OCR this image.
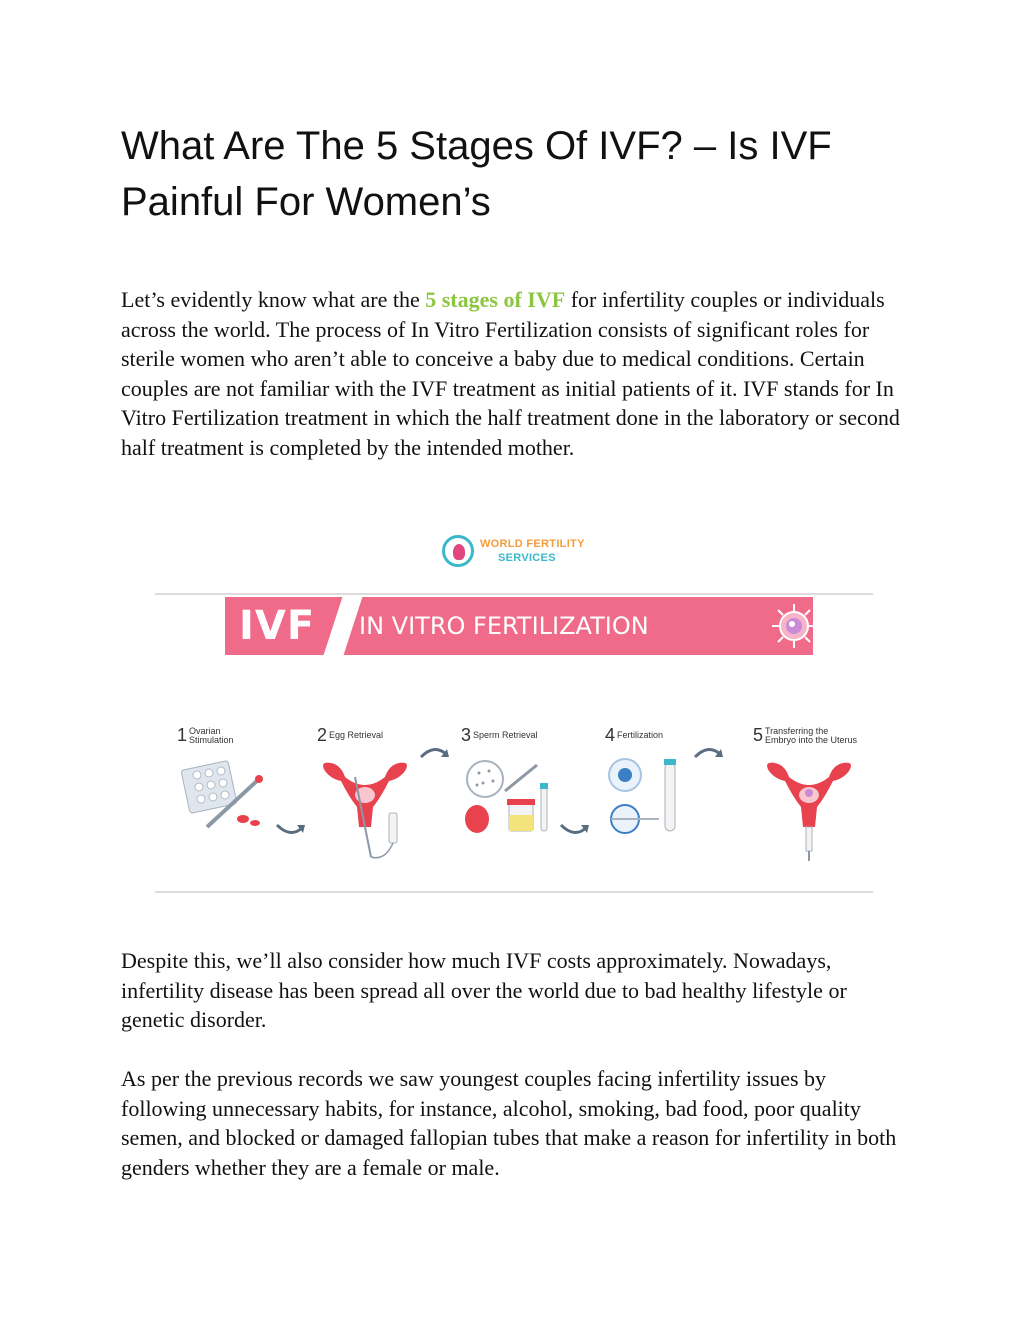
What Are The 5 Stages Of IVF? – Is IVF Painful For Women’s

Let’s evidently know what are the 5 stages of IVF for infertility couples or individuals across the world. The process of In Vitro Fertilization consists of significant roles for sterile women who aren’t able to conceive a baby due to medical conditions. Certain couples are not familiar with the IVF treatment as initial patients of it. IVF stands for In Vitro Fertilization treatment in which the half treatment done in the laboratory or second half treatment is completed by the intended mother.

Despite this, we’ll also consider how much IVF costs approximately. Nowadays, infertility disease has been spread all over the world due to bad healthy lifestyle or genetic disorder.

As per the previous records we saw youngest couples facing infertility issues by following unnecessary habits, for instance, alcohol, smoking, bad food, poor quality semen, and blocked or damaged fallopian tubes that make a reason for infertility in both genders whether they are a female or male.

WORLD FERTILITY
SERVICES
IVF IN VITRO FERTILIZATION
1 Ovarian
Stimulation	2 Egg Retrieval	3 Sperm Retrieval	4 Fertilization	5 Transferring the
Embryo into the Uterus
